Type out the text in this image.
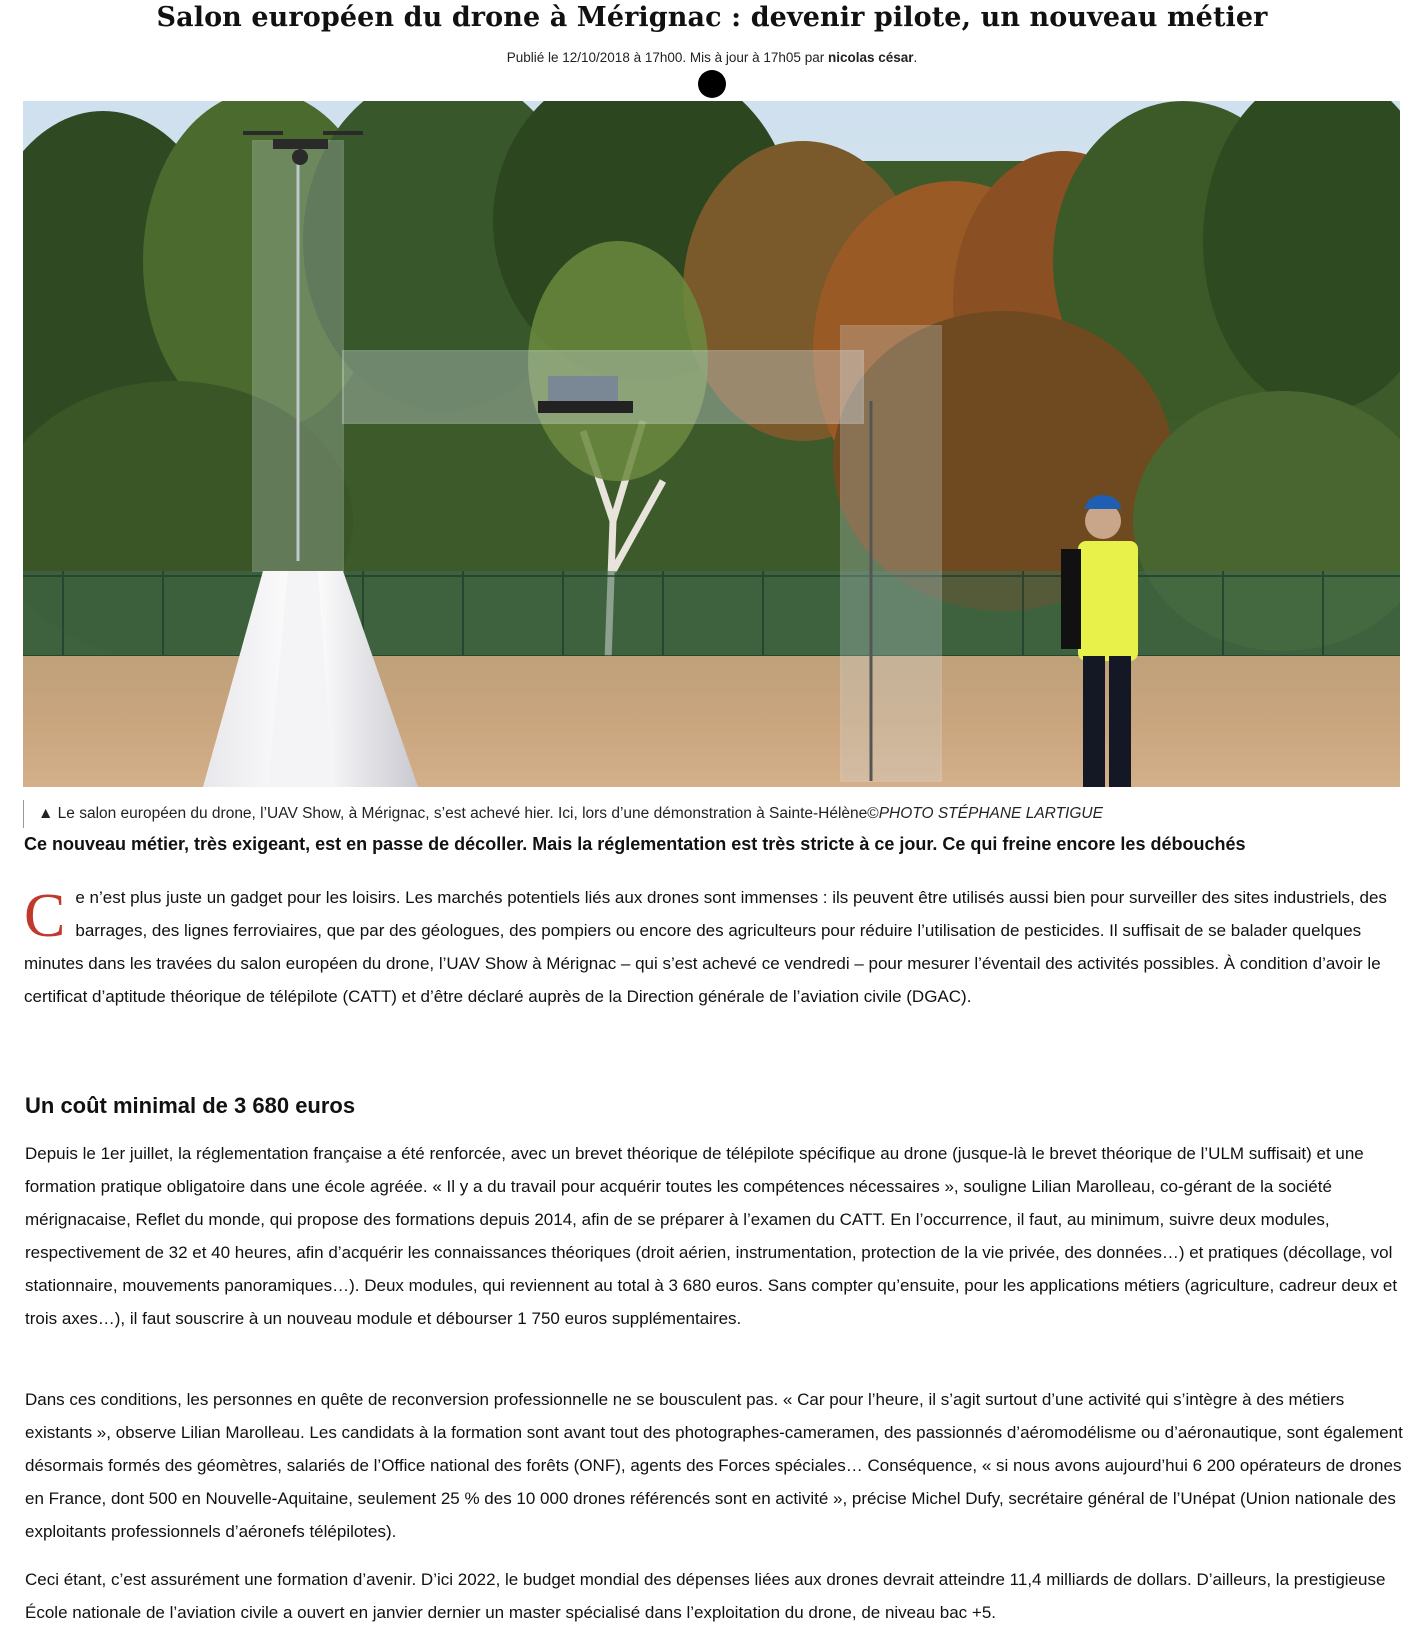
Salon européen du drone à Mérignac : devenir pilote, un nouveau métier
Publié le 12/10/2018 à 17h00. Mis à jour à 17h05 par nicolas césar.
▲ Le salon européen du drone, l’UAV Show, à Mérignac, s’est achevé hier. Ici, lors d’une démonstration à Sainte-Hélène©PHOTO STÉPHANE LARTIGUE

Ce nouveau métier, très exigeant, est en passe de décoller. Mais la réglementation est très stricte à ce jour. Ce qui freine encore les débouchés

Ce n’est plus juste un gadget pour les loisirs. Les marchés potentiels liés aux drones sont immenses : ils peuvent être utilisés aussi bien pour surveiller des sites industriels, des barrages, des lignes ferroviaires, que par des géologues, des pompiers ou encore des agriculteurs pour réduire l’utilisation de pesticides. Il suffisait de se balader quelques minutes dans les travées du salon européen du drone, l’UAV Show à Mérignac – qui s’est achevé ce vendredi – pour mesurer l’éventail des activités possibles. À condition d’avoir le certificat d’aptitude théorique de télépilote (CATT) et d’être déclaré auprès de la Direction générale de l’aviation civile (DGAC).
Un coût minimal de 3 680 euros

Depuis le 1er juillet, la réglementation française a été renforcée, avec un brevet théorique de télépilote spécifique au drone (jusque-là le brevet théorique de l’ULM suffisait) et une formation pratique obligatoire dans une école agréée. « Il y a du travail pour acquérir toutes les compétences nécessaires », souligne Lilian Marolleau, co-gérant de la société mérignacaise, Reflet du monde, qui propose des formations depuis 2014, afin de se préparer à l’examen du CATT. En l’occurrence, il faut, au minimum, suivre deux modules, respectivement de 32 et 40 heures, afin d’acquérir les connaissances théoriques (droit aérien, instrumentation, protection de la vie privée, des données…) et pratiques (décollage, vol stationnaire, mouvements panoramiques…). Deux modules, qui reviennent au total à 3 680 euros. Sans compter qu’ensuite, pour les applications métiers (agriculture, cadreur deux et trois axes…), il faut souscrire à un nouveau module et débourser 1 750 euros supplémentaires.

Dans ces conditions, les personnes en quête de reconversion professionnelle ne se bousculent pas. « Car pour l’heure, il s’agit surtout d’une activité qui s’intègre à des métiers existants », observe Lilian Marolleau. Les candidats à la formation sont avant tout des photographes-cameramen, des passionnés d’aéromodélisme ou d’aéronautique, sont également désormais formés des géomètres, salariés de l’Office national des forêts (ONF), agents des Forces spéciales… Conséquence, « si nous avons aujourd’hui 6 200 opérateurs de drones en France, dont 500 en Nouvelle-Aquitaine, seulement 25 % des 10 000 drones référencés sont en activité », précise Michel Dufy, secrétaire général de l’Unépat (Union nationale des exploitants professionnels d’aéronefs télépilotes).

Ceci étant, c’est assurément une formation d’avenir. D’ici 2022, le budget mondial des dépenses liées aux drones devrait atteindre 11,4 milliards de dollars. D’ailleurs, la prestigieuse École nationale de l’aviation civile a ouvert en janvier dernier un master spécialisé dans l’exploitation du drone, de niveau bac +5.
